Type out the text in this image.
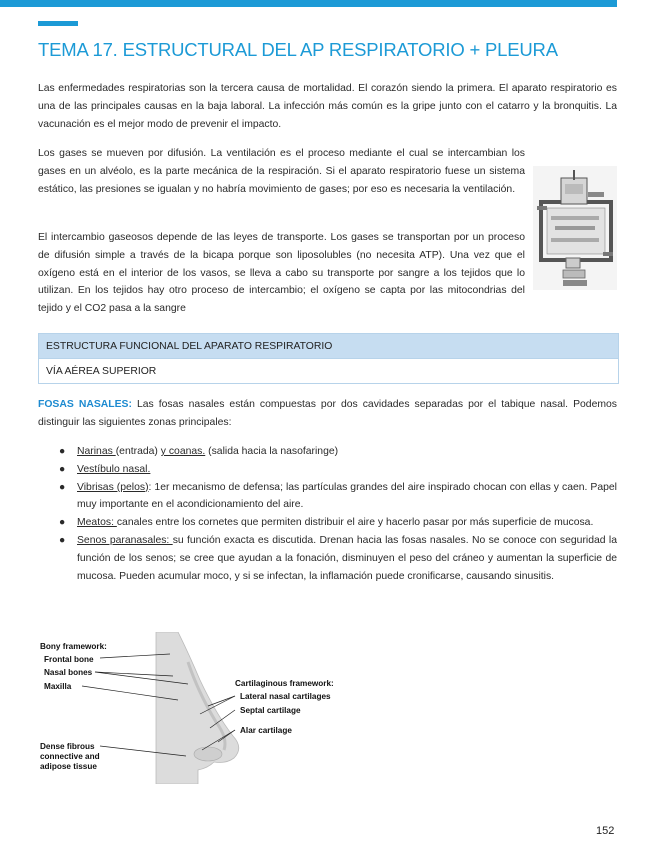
TEMA 17. ESTRUCTURAL DEL AP RESPIRATORIO + PLEURA

Las enfermedades respiratorias son la tercera causa de mortalidad. El corazón siendo la primera. El aparato respiratorio es una de las principales causas en la baja laboral. La infección más común es la gripe junto con el catarro y la bronquitis. La vacunación es el mejor modo de prevenir el impacto.

Los gases se mueven por difusión. La ventilación es el proceso mediante el cual se intercambian los gases en un alvéolo, es la parte mecánica de la respiración. Si el aparato respiratorio fuese un sistema estático, las presiones se igualan y no habría movimiento de gases; por eso es necesaria la ventilación.

El intercambio gaseosos depende de las leyes de transporte. Los gases se transportan por un proceso de difusión simple a través de la bicapa porque son liposolubles (no necesita ATP). Una vez que el oxígeno está en el interior de los vasos, se lleva a cabo su transporte por sangre a los tejidos que lo utilizan. En los tejidos hay otro proceso de intercambio; el oxígeno se capta por las mitocondrias del tejido y el CO2 pasa a la sangre

ESTRUCTURA FUNCIONAL DEL APARATO RESPIRATORIO
VÍA AÉREA SUPERIOR

FOSAS NASALES: Las fosas nasales están compuestas por dos cavidades separadas por el tabique nasal. Podemos distinguir las siguientes zonas principales:

● Narinas (entrada) y coanas. (salida hacia la nasofaringe)
● Vestíbulo nasal.
● Vibrisas (pelos): 1er mecanismo de defensa; las partículas grandes del aire inspirado chocan con ellas y caen. Papel muy importante en el acondicionamiento del aire.
● Meatos: canales entre los cornetes que permiten distribuir el aire y hacerlo pasar por más superficie de mucosa.
● Senos paranasales: su función exacta es discutida. Drenan hacia las fosas nasales. No se conoce con seguridad la función de los senos; se cree que ayudan a la fonación, disminuyen el peso del cráneo y aumentan la superficie de mucosa. Pueden acumular moco, y si se infectan, la inflamación puede cronificarse, causando sinusitis.
Bony framework:
Frontal bone
Nasal bones
Maxilla
Dense fibrous
connective and
adipose tissue
Cartilaginous framework:
Lateral nasal cartilages
Septal cartilage
Alar cartilage
152
